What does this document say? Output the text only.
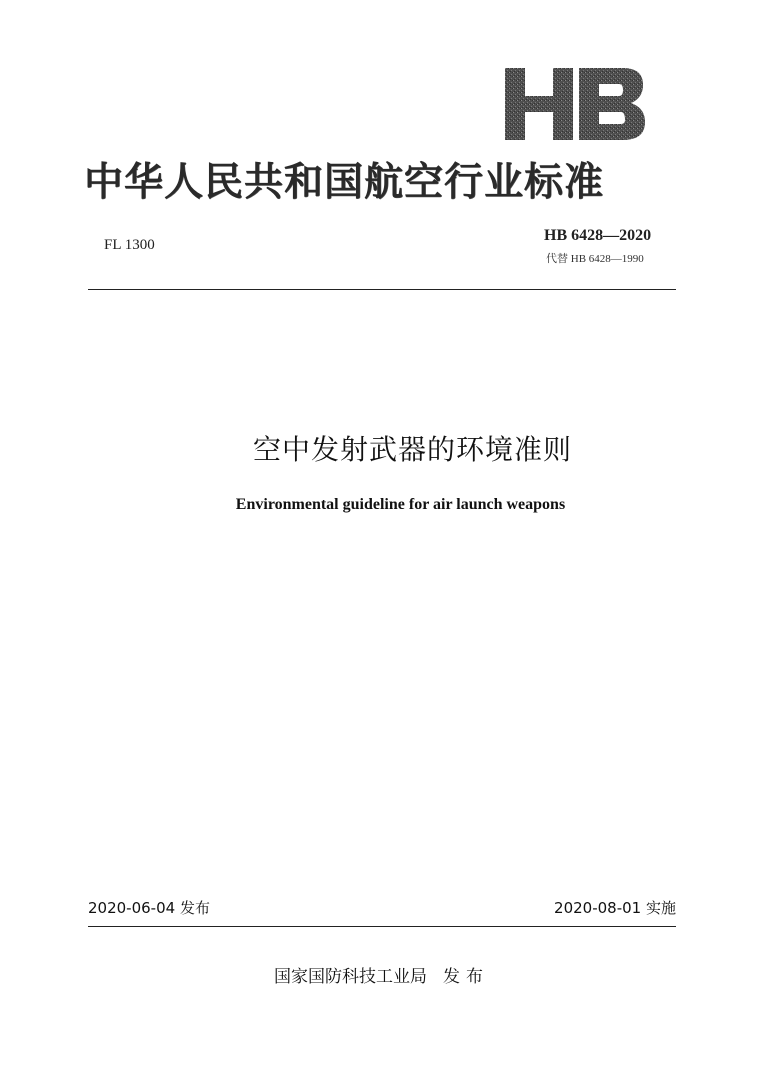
中华人民共和国航空行业标准
FL 1300
HB 6428—2020
代替 HB 6428—1990
空中发射武器的环境准则
Environmental guideline for air launch weapons
2020-06-04 发布	2020-08-01 实施
国家国防科技工业局 发布
